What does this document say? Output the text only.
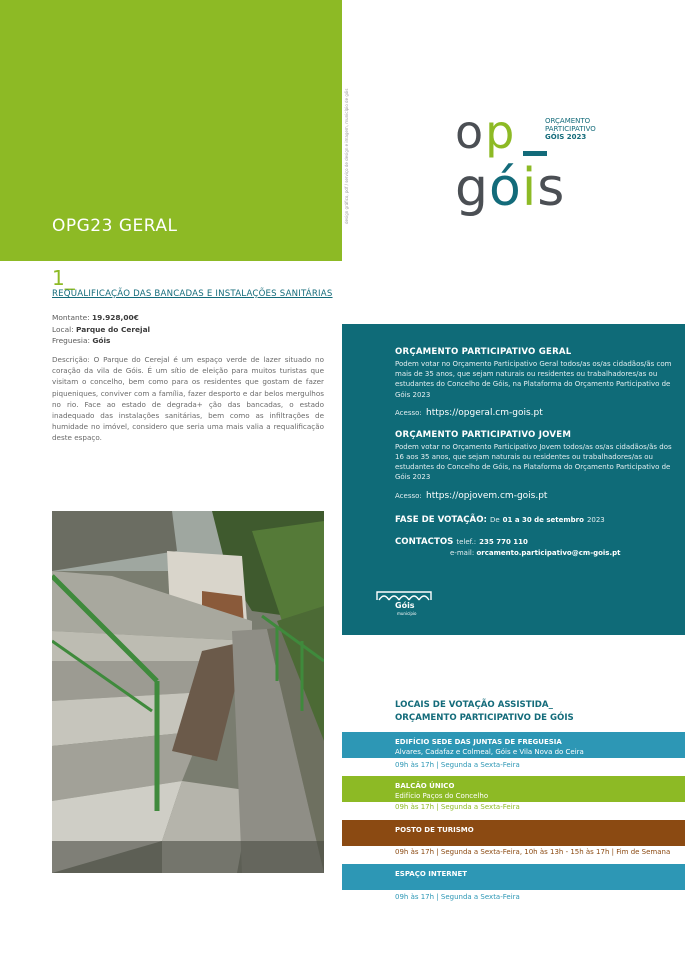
OPG23 GERAL
design gráfico, pdf / serviço de design e imagem, município de góis op
góis
ORÇAMENTO
PARTICIPATIVO
GÓIS 2023
1_
REQUALIFICAÇÃO DAS BANCADAS E INSTALAÇÕES SANITÁRIAS
Montante: 19.928,00€
Local: Parque do Cerejal
Freguesia: Góis
Descrição: O Parque do Cerejal é um espaço verde de lazer situado no coração da vila de Góis. É um sítio de eleição para muitos turistas que visitam o concelho, bem como para os residentes que gostam de fazer piqueniques, conviver com a família, fazer desporto e dar belos mergulhos no rio. Face ao estado de degrada+ ção das bancadas, o estado inadequado das instalações sanitárias, bem como as infiltrações de humidade no imóvel, considero que seria uma mais valia a requalificação deste espaço.
ORÇAMENTO PARTICIPATIVO GERAL
Podem votar no Orçamento Participativo Geral todos/as os/as cidadãos/ãs com mais de 35 anos, que sejam naturais ou residentes ou trabalhadores/as ou estudantes do Concelho de Góis, na Plataforma do Orçamento Participativo de Góis 2023
Acesso: https://opgeral.cm-gois.pt
ORÇAMENTO PARTICIPATIVO JOVEM
Podem votar no Orçamento Participativo Jovem todos/as os/as cidadãos/ãs dos 16 aos 35 anos, que sejam naturais ou residentes ou trabalhadores/as ou estudantes do Concelho de Góis, na Plataforma do Orçamento Participativo de Góis 2023
Acesso: https://opjovem.cm-gois.pt
FASE DE VOTAÇÃO: De 01 a 30 de setembro 2023
CONTACTOS telef.: 235 770 110
e-mail: orcamento.participativo@cm-gois.pt
Góis
município
LOCAIS DE VOTAÇÃO ASSISTIDA_
ORÇAMENTO PARTICIPATIVO DE GÓIS
EDIFÍCIO SEDE DAS JUNTAS DE FREGUESIA
Alvares, Cadafaz e Colmeal, Góis e Vila Nova do Ceira
09h às 17h | Segunda a Sexta-Feira
BALCÃO ÚNICO
Edifício Paços do Concelho
09h às 17h | Segunda a Sexta-Feira
POSTO DE TURISMO
09h às 17h | Segunda a Sexta-Feira, 10h às 13h - 15h às 17h | Fim de Semana
ESPAÇO INTERNET
09h às 17h | Segunda a Sexta-Feira
